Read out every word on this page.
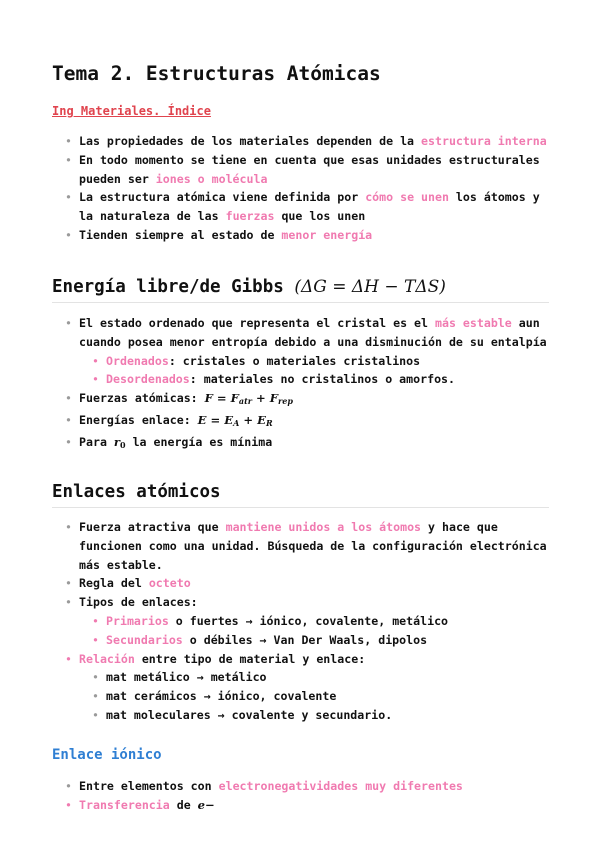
Tema 2. Estructuras Atómicas
Ing Materiales. Índice
• Las propiedades de los materiales dependen de la estructura interna
• En todo momento se tiene en cuenta que esas unidades estructurales pueden ser iones o molécula
• La estructura atómica viene definida por cómo se unen los átomos y la naturaleza de las fuerzas que los unen
• Tienden siempre al estado de menor energía
Energía libre/de Gibbs (ΔG = ΔH − TΔS)
• El estado ordenado que representa el cristal es el más estable aun cuando posea menor entropía debido a una disminución de su entalpía
• Ordenados: cristales o materiales cristalinos
• Desordenados: materiales no cristalinos o amorfos.
• Fuerzas atómicas: $F = F_{atr} + F_{rep}$
• Energías enlace: $E = E_A + E_R$
• Para $r_0$ la energía es mínima
Enlaces atómicos
• Fuerza atractiva que mantiene unidos a los átomos y hace que funcionen como una unidad. Búsqueda de la configuración electrónica más estable.
• Regla del octeto
• Tipos de enlaces:
• Primarios o fuertes → iónico, covalente, metálico
• Secundarios o débiles → Van Der Waals, dipolos
• Relación entre tipo de material y enlace:
• mat metálico → metálico
• mat cerámicos → iónico, covalente
• mat moleculares → covalente y secundario.
Enlace iónico
• Entre elementos con electronegatividades muy diferentes
• Transferencia de e−
